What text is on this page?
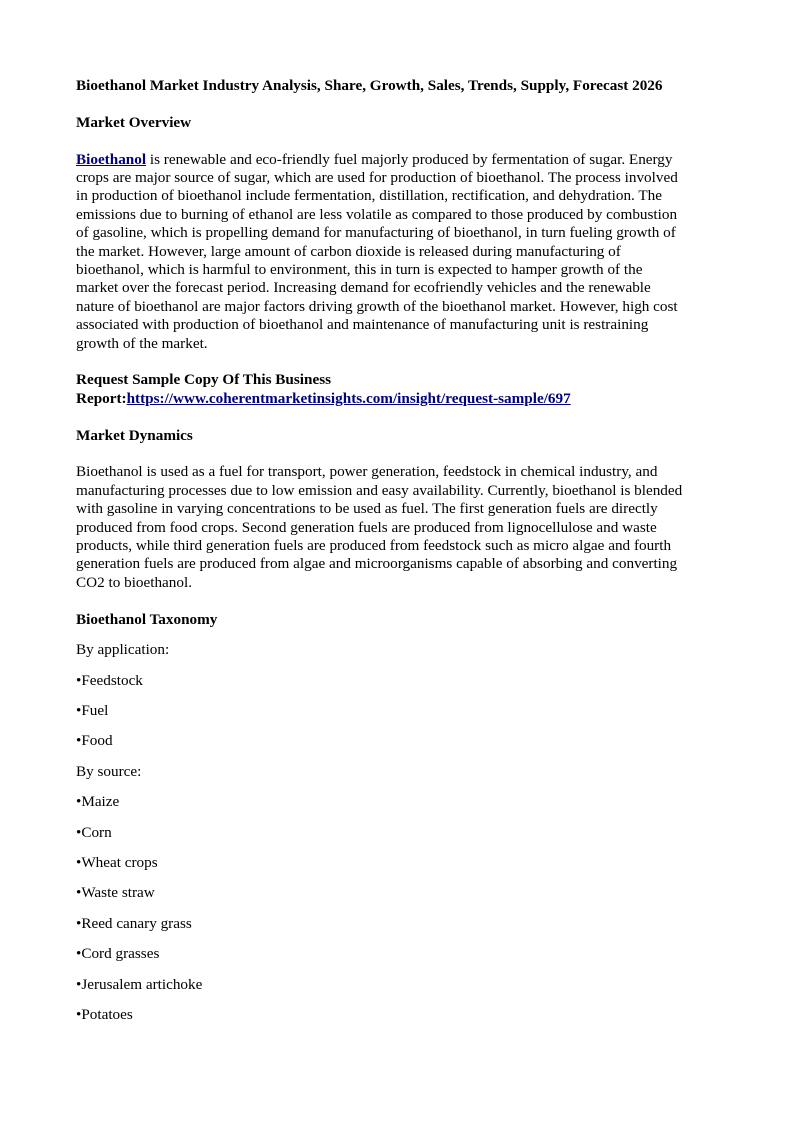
Bioethanol Market Industry Analysis, Share, Growth, Sales, Trends, Supply, Forecast 2026

Market Overview

Bioethanol is renewable and eco-friendly fuel majorly produced by fermentation of sugar. Energy

crops are major source of sugar, which are used for production of bioethanol. The process involved

in production of bioethanol include fermentation, distillation, rectification, and dehydration. The

emissions due to burning of ethanol are less volatile as compared to those produced by combustion

of gasoline, which is propelling demand for manufacturing of bioethanol, in turn fueling growth of

the market. However, large amount of carbon dioxide is released during manufacturing of

bioethanol, which is harmful to environment, this in turn is expected to hamper growth of the

market over the forecast period. Increasing demand for ecofriendly vehicles and the renewable

nature of bioethanol are major factors driving growth of the bioethanol market. However, high cost

associated with production of bioethanol and maintenance of manufacturing unit is restraining

growth of the market.

Request Sample Copy Of This Business

Report:https://www.coherentmarketinsights.com/insight/request-sample/697

Market Dynamics

Bioethanol is used as a fuel for transport, power generation, feedstock in chemical industry, and

manufacturing processes due to low emission and easy availability. Currently, bioethanol is blended

with gasoline in varying concentrations to be used as fuel. The first generation fuels are directly

produced from food crops. Second generation fuels are produced from lignocellulose and waste

products, while third generation fuels are produced from feedstock such as micro algae and fourth

generation fuels are produced from algae and microorganisms capable of absorbing and converting

CO2 to bioethanol.

Bioethanol Taxonomy

By application:

•Feedstock

•Fuel

•Food

By source:

•Maize

•Corn

•Wheat crops

•Waste straw

•Reed canary grass

•Cord grasses

•Jerusalem artichoke

•Potatoes
